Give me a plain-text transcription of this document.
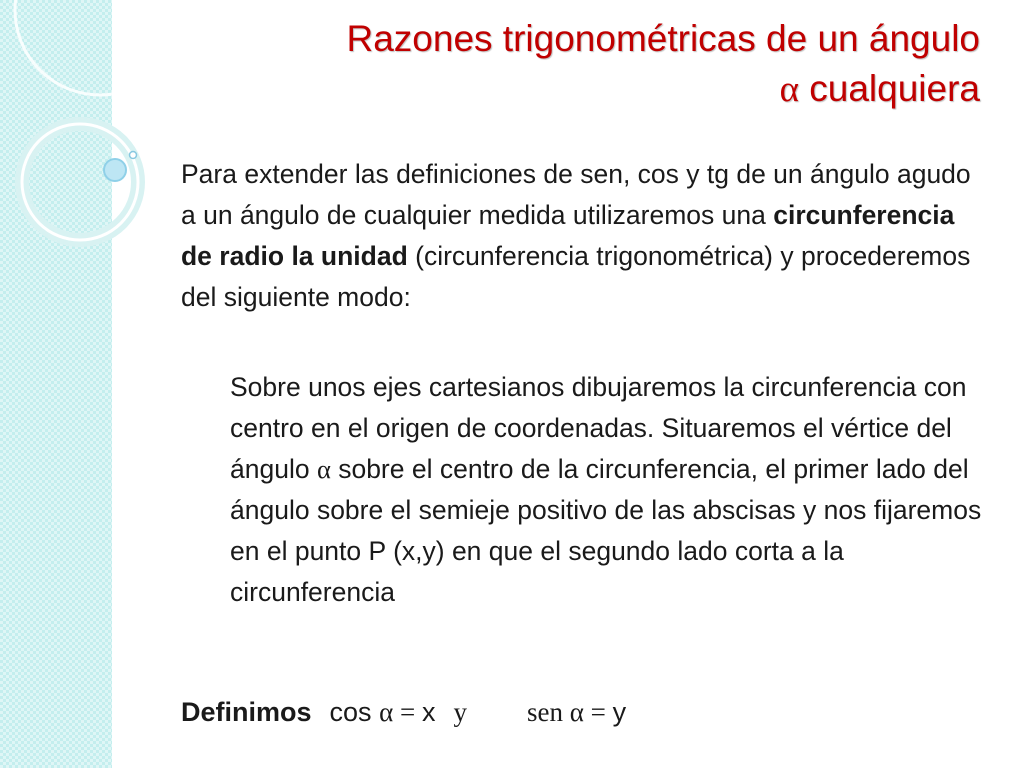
Razones trigonométricas de un ángulo
α cualquiera

Para extender las definiciones de sen, cos y tg de un ángulo agudo a un ángulo de cualquier medida utilizaremos una circunferencia de radio la unidad (circunferencia trigonométrica) y procederemos del siguiente modo:

Sobre unos ejes cartesianos dibujaremos la circunferencia con centro en el origen de coordenadas. Situaremos el vértice del ángulo α sobre el centro de la circunferencia, el primer lado del ángulo sobre el semieje positivo de las abscisas y nos fijaremos en el punto P (x,y) en que el segundo lado corta a la circunferencia

Definimos cos α = x y sen α = y
